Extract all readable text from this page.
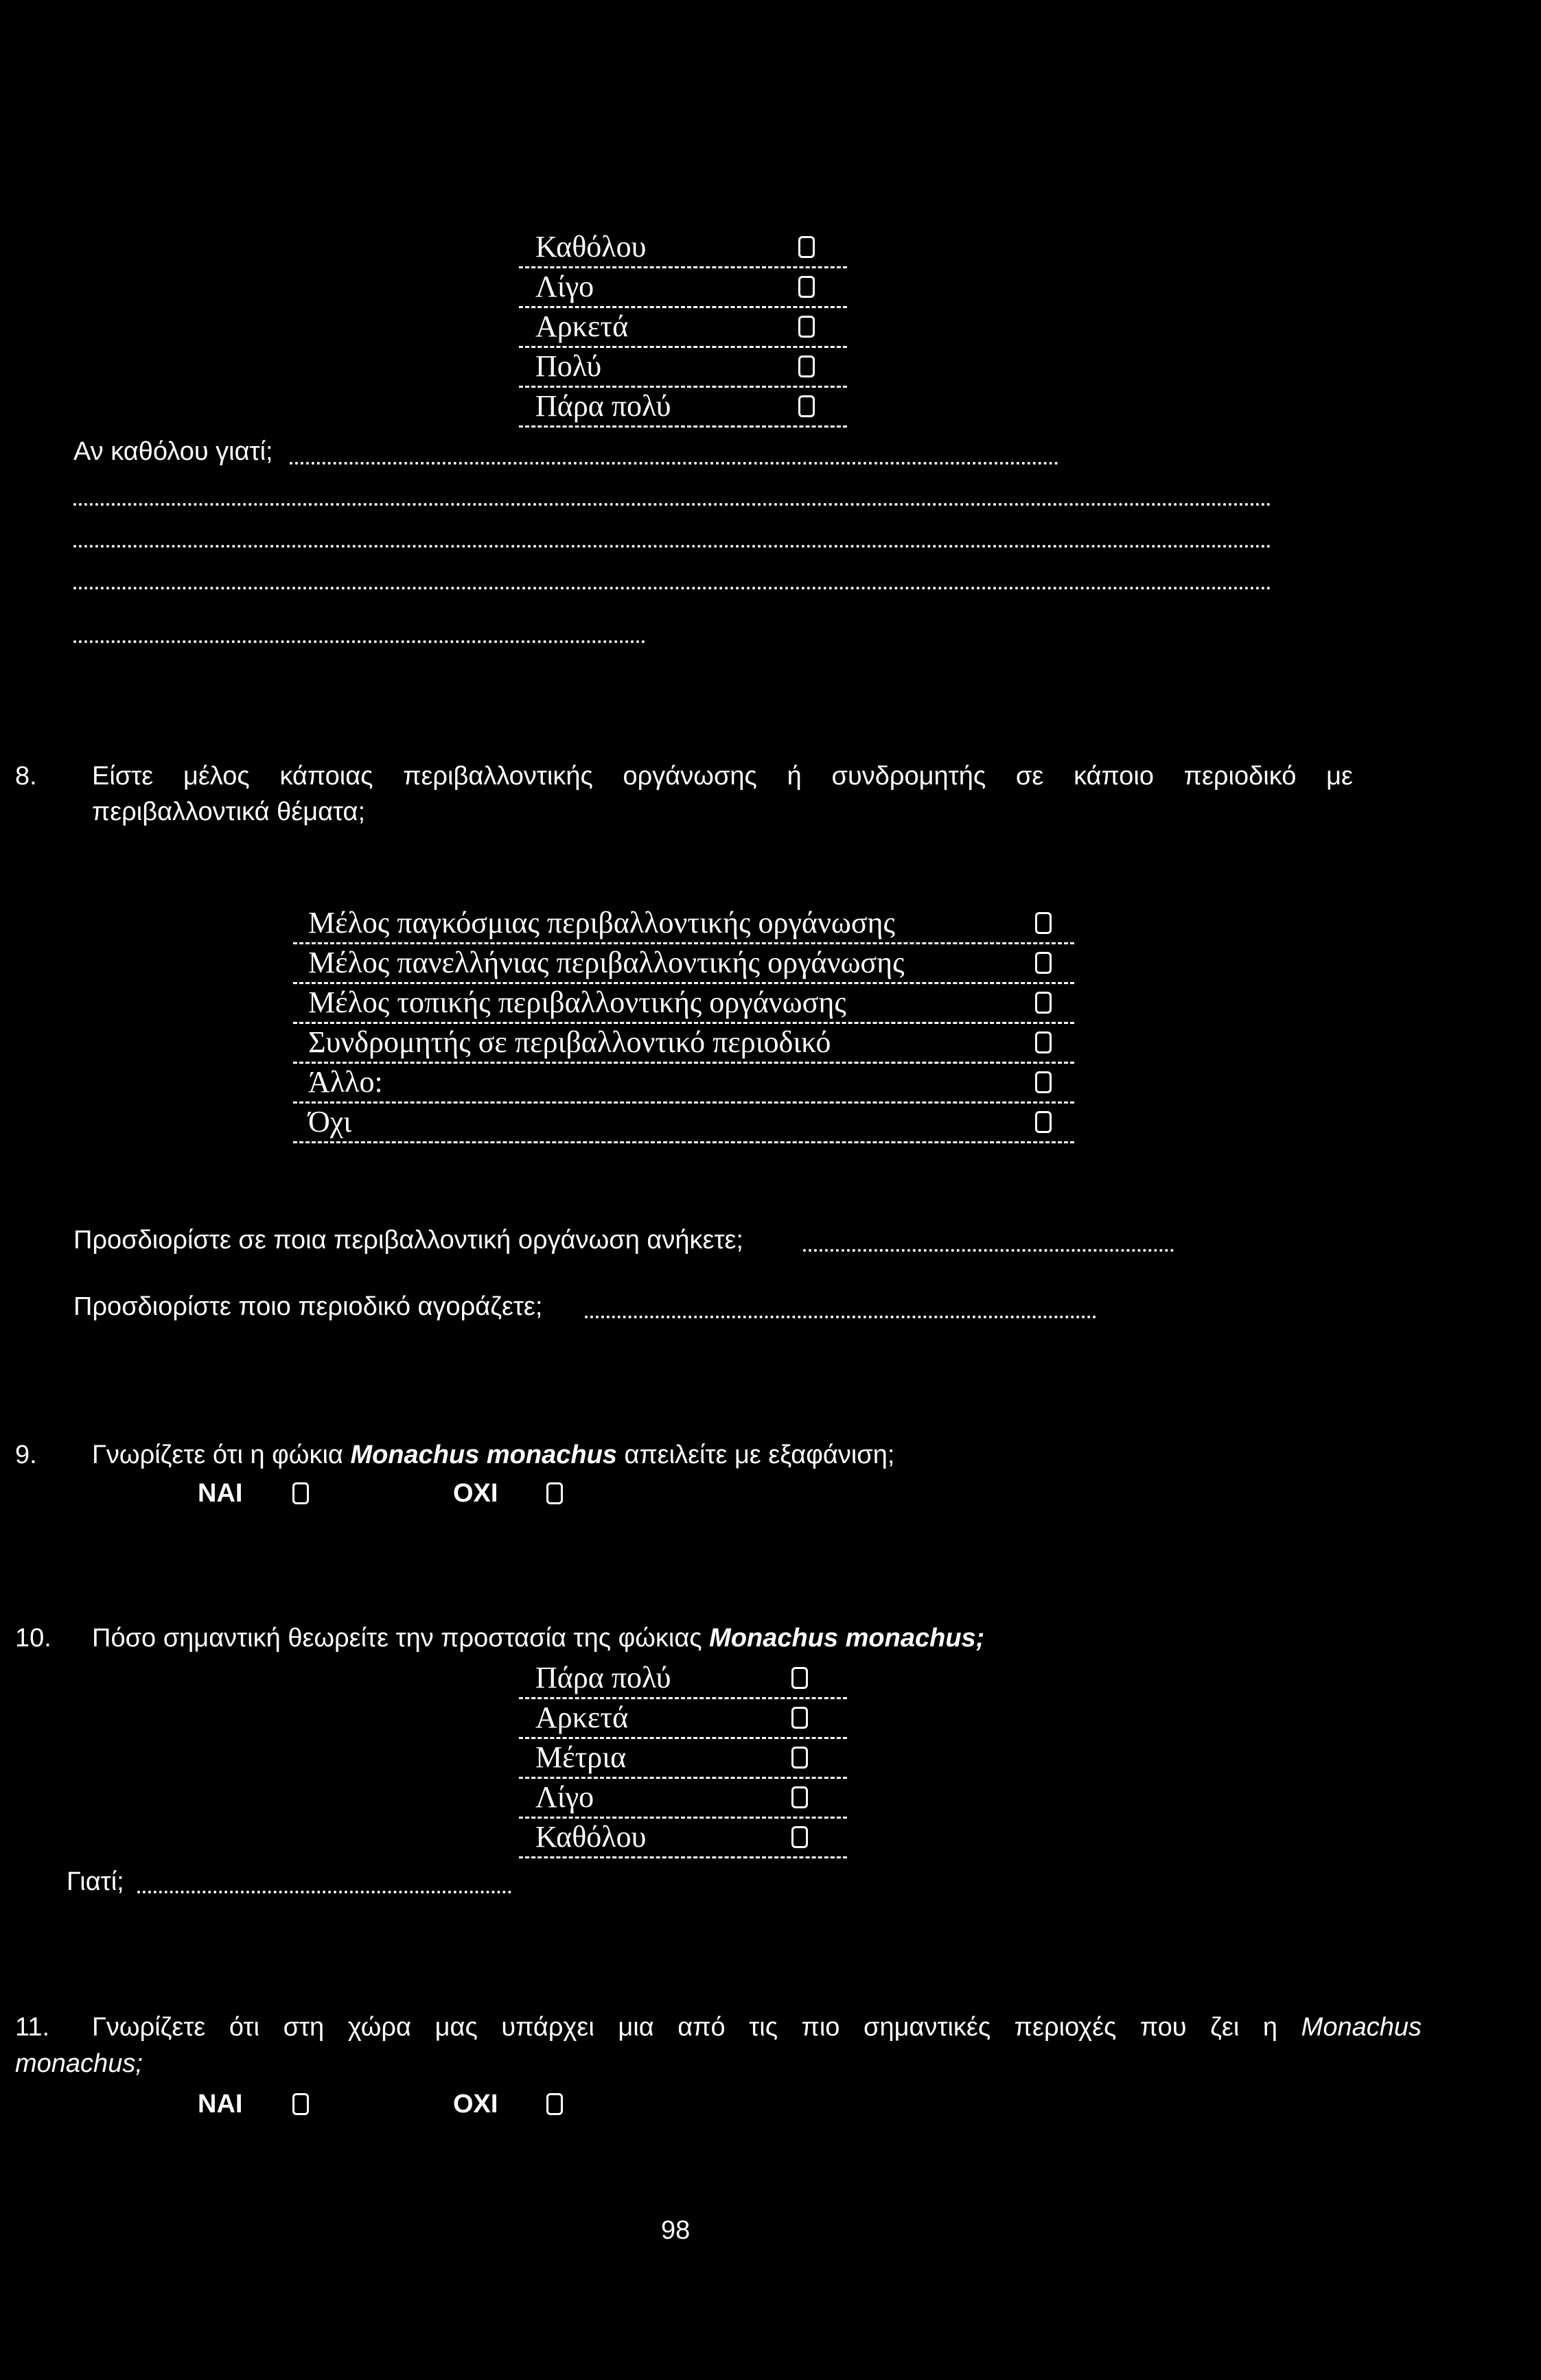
Καθόλου
Λίγο
Αρκετά
Πολύ
Πάρα πολύ
Αν καθόλου γιατί;
8. Είστε μέλος κάποιας περιβαλλοντικής οργάνωσης ή συνδρομητής σε κάποιο περιοδικό με
περιβαλλοντικά θέματα;
Μέλος παγκόσμιας περιβαλλοντικής οργάνωσης
Μέλος πανελλήνιας περιβαλλοντικής οργάνωσης
Μέλος τοπικής περιβαλλοντικής οργάνωσης
Συνδρομητής σε περιβαλλοντικό περιοδικό
Άλλο:
Όχι
Προσδιορίστε σε ποια περιβαλλοντική οργάνωση ανήκετε;
Προσδιορίστε ποιο περιοδικό αγοράζετε;
9. Γνωρίζετε ότι η φώκια Monachus monachus απειλείτε με εξαφάνιση;
ΝΑΙ	ΟΧΙ
10. Πόσο σημαντική θεωρείτε την προστασία της φώκιας Monachus monachus;
Πάρα πολύ
Αρκετά
Μέτρια
Λίγο
Καθόλου
Γιατί;
11. Γνωρίζετε ότι στη χώρα μας υπάρχει μια από τις πιο σημαντικές περιοχές που ζει η Monachus
monachus;
ΝΑΙ	ΟΧΙ
98
